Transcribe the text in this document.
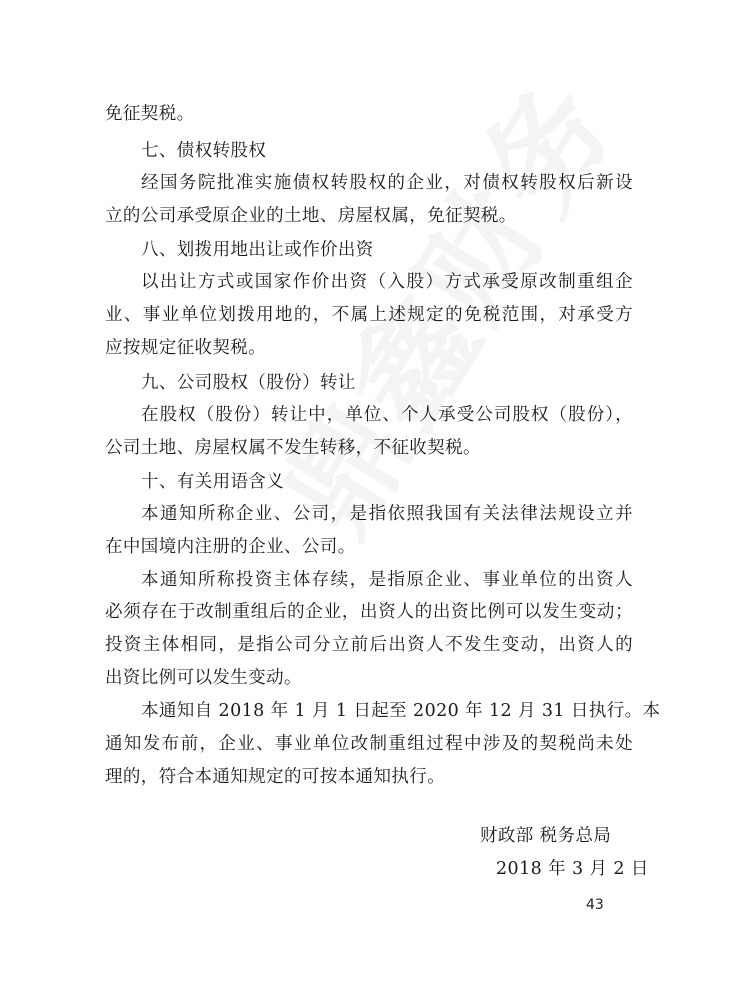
免征契税。
七、债权转股权
经国务院批准实施债权转股权的企业，对债权转股权后新设
立的公司承受原企业的土地、房屋权属，免征契税。
八、划拨用地出让或作价出资
以出让方式或国家作价出资（入股）方式承受原改制重组企
业、事业单位划拨用地的，不属上述规定的免税范围，对承受方
应按规定征收契税。
九、公司股权（股份）转让
在股权（股份）转让中，单位、个人承受公司股权（股份），
公司土地、房屋权属不发生转移，不征收契税。
十、有关用语含义
本通知所称企业、公司，是指依照我国有关法律法规设立并
在中国境内注册的企业、公司。
本通知所称投资主体存续，是指原企业、事业单位的出资人
必须存在于改制重组后的企业，出资人的出资比例可以发生变动；
投资主体相同，是指公司分立前后出资人不发生变动，出资人的
出资比例可以发生变动。
本通知自 2018 年 1 月 1 日起至 2020 年 12 月 31 日执行。本
通知发布前，企业、事业单位改制重组过程中涉及的契税尚未处
理的，符合本通知规定的可按本通知执行。
财政部 税务总局
2018 年 3 月 2 日
43
